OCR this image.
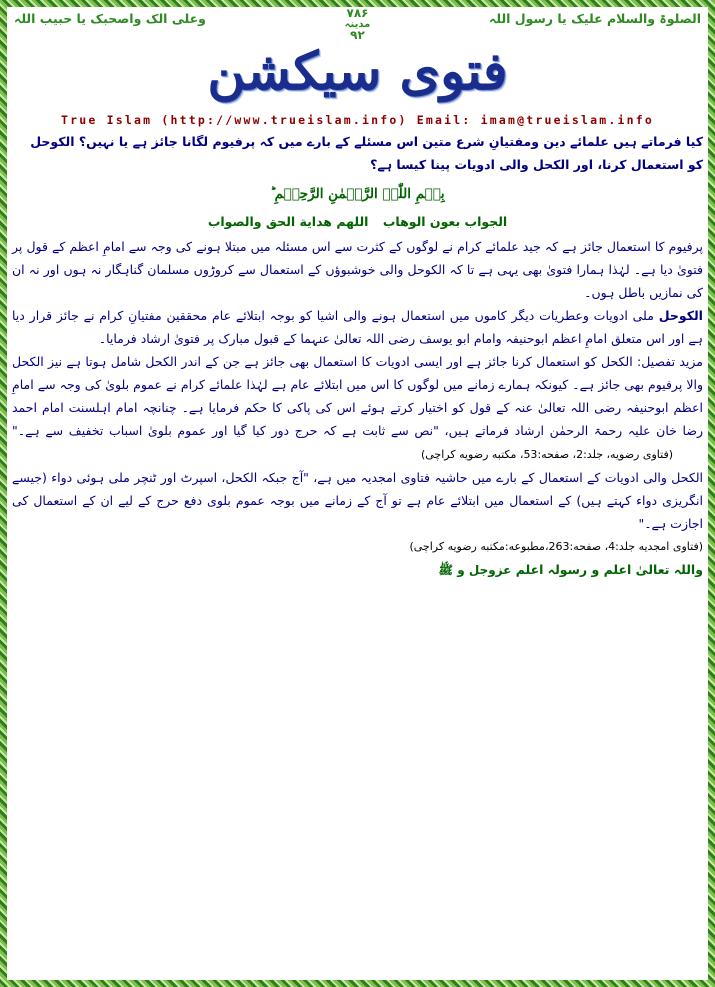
الصلوۃ والسلام علیک یا رسول اللہ
۷۸۶
مدینہ
۹۲
وعلی الک واصحبک یا حبیب اللہ
فتوی سیکشن
True Islam (http://www.trueislam.info) Email: imam@trueislam.info

کیا فرماتے ہیں علمائے دین ومفتیانِ شرع متین اس مسئلے کے بارے میں کہ پرفیوم لگانا جائز ہے یا نہیں؟ الکوحل کو استعمال کرنا، اور الکحل والی ادویات پینا کیسا ہے؟

بِسۡمِ اللّٰہِ الرَّحۡمٰنِ الرَّحِیۡمِ ؕ
الجواب بعون الوهاب اللهم هداية الحق والصواب

پرفیوم کا استعمال جائز ہے کہ جید علمائے کرام نے لوگوں کے کثرت سے اس مسئلہ میں مبتلا ہونے کی وجہ سے امامِ اعظم کے قول پر فتویٰ دیا ہے۔ لہٰذا ہمارا فتویٰ بھی یہی ہے تا کہ الکوحل والی خوشبوؤں کے استعمال سے کروڑوں مسلمان گناہگار نہ ہوں اور نہ ان کی نمازیں باطل ہوں۔

الکوحل ملی ادویات وعطریات دیگر کاموں میں استعمال ہونے والی اشیا کو بوجہ ابتلائے عام محققین مفتیانِ کرام نے جائز قرار دیا ہے اور اس متعلق امامِ اعظم ابوحنیفہ وامام ابو یوسف رضی اللہ تعالیٰ عنہما کے قبول مبارک پر فتویٰ ارشاد فرمایا۔

مزید تفصیل: الکحل کو استعمال کرنا جائز ہے اور ایسی ادویات کا استعمال بھی جائز ہے جن کے اندر الکحل شامل ہوتا ہے نیز الکحل والا پرفیوم بھی جائز ہے۔ کیونکہ ہمارے زمانے میں لوگوں کا اس میں ابتلائے عام ہے لہٰذا علمائے کرام نے عموم بلویٰ کی وجہ سے امامِ اعظم ابوحنیفہ رضی اللہ تعالیٰ عنہ کے قول کو اختیار کرتے ہوئے اس کی پاکی کا حکم فرمایا ہے۔ چنانچہ امام اہلسنت امام احمد رضا خان علیہ رحمۃ الرحمٰن ارشاد فرماتے ہیں، "نص سے ثابت ہے کہ حرج دور کیا گیا اور عموم بلویٰ اسباب تخفیف سے ہے۔" (فتاوی رضویه، جلد:2، صفحه:53، مکتبه رضویه کراچی)

الکحل والی ادویات کے استعمال کے بارے میں حاشیہ فتاوی امجدیہ میں ہے، "آج جبکہ الکحل، اسپرٹ اور ٹنچر ملی ہوئی دواء (جیسے انگریزی دواء کہتے ہیں) کے استعمال میں ابتلائے عام ہے تو آج کے زمانے میں بوجہ عموم بلوی دفع حرج کے لیے ان کے استعمال کی اجازت ہے۔"

(فتاوی امجدیه جلد:4، صفحه:263،مطبوعه:مکتبه رضویه کراچی)

واللہ تعالیٰ اعلم و رسولہ اعلم عزوجل و ﷺ
